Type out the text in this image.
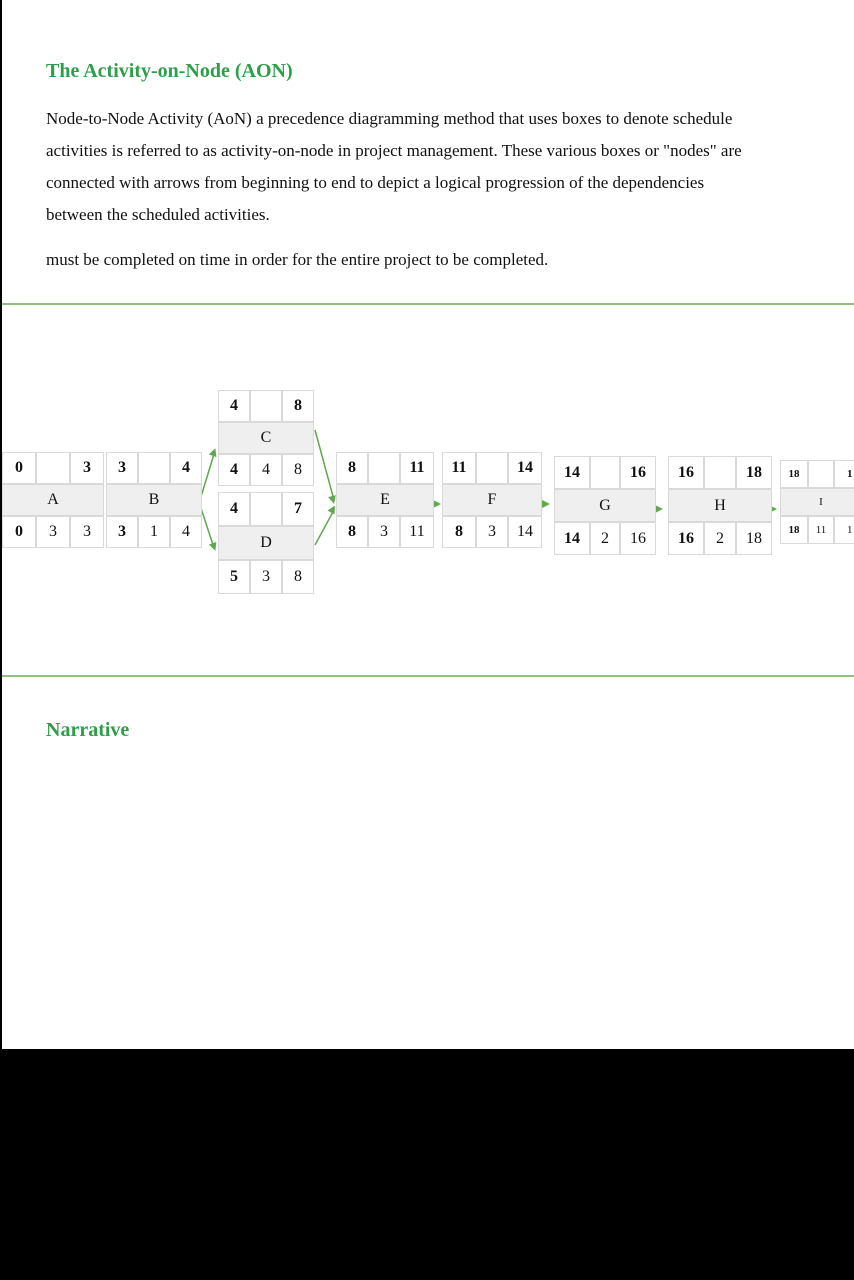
The Activity-on-Node (AON)
Node-to-Node Activity (AoN) a precedence diagramming method that uses boxes to denote schedule
activities is referred to as activity-on-node in project management. These various boxes or "nodes" are
connected with arrows from beginning to end to depict a logical progression of the dependencies
between the scheduled activities.
must be completed on time in order for the entire project to be completed.
0	3
A
0	3	3
3	4
B
3	1	4
4	8
C
4	4	8
4	7
D
5	3	8
8	11
E
8	3	11
11	14
F
8	3	14
14	16
G
14	2	16
16	18
H
16	2	18
18	1
I
18	11	1
Narrative
